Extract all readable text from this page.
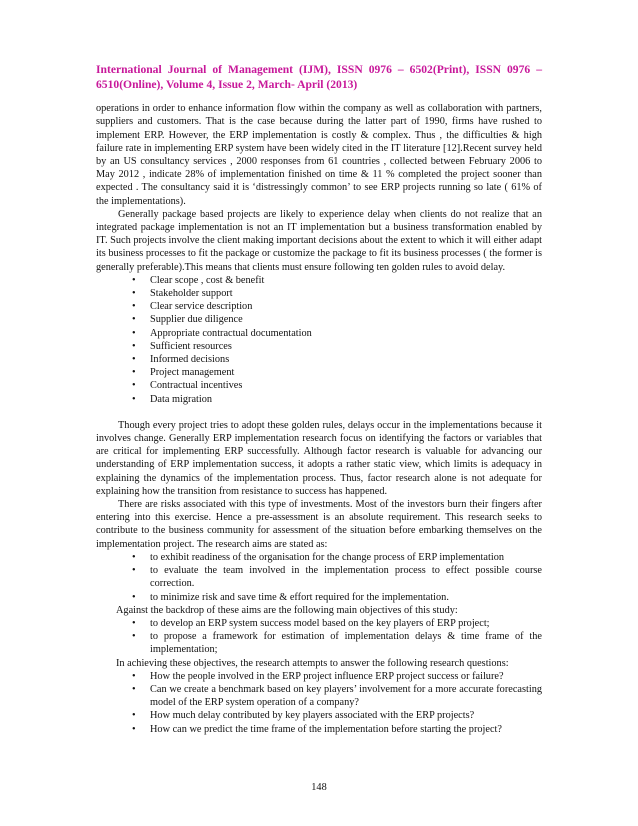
International Journal of Management (IJM), ISSN 0976 – 6502(Print), ISSN 0976 – 6510(Online), Volume 4, Issue 2, March- April (2013)

operations in order to enhance information flow within the company as well as collaboration with partners, suppliers and customers. That is the case because during the latter part of 1990, firms have rushed to implement ERP. However, the ERP implementation is costly & complex. Thus , the difficulties & high failure rate in implementing ERP system have been widely cited in the IT literature [12].Recent survey held by an US consultancy services , 2000 responses from 61 countries , collected between February 2006 to May 2012 , indicate 28% of implementation finished on time & 11 % completed the project sooner than expected . The consultancy said it is ‘distressingly common’ to see ERP projects running so late ( 61% of the implementations).

Generally package based projects are likely to experience delay when clients do not realize that an integrated package implementation is not an IT implementation but a business transformation enabled by IT. Such projects involve the client making important decisions about the extent to which it will either adapt its business processes to fit the package or customize the package to fit its business processes ( the former is generally preferable).This means that clients must ensure following ten golden rules to avoid delay.

• Clear scope , cost & benefit
• Stakeholder support
• Clear service description
• Supplier due diligence
• Appropriate contractual documentation
• Sufficient resources
• Informed decisions
• Project management
• Contractual incentives
• Data migration

Though every project tries to adopt these golden rules, delays occur in the implementations because it involves change. Generally ERP implementation research focus on identifying the factors or variables that are critical for implementing ERP successfully. Although factor research is valuable for advancing our understanding of ERP implementation success, it adopts a rather static view, which limits is adequacy in explaining the dynamics of the implementation process. Thus, factor research alone is not adequate for explaining how the transition from resistance to success has happened.

There are risks associated with this type of investments. Most of the investors burn their fingers after entering into this exercise. Hence a pre-assessment is an absolute requirement. This research seeks to contribute to the business community for assessment of the situation before embarking themselves on the implementation project. The research aims are stated as:

• to exhibit readiness of the organisation for the change process of ERP implementation
• to evaluate the team involved in the implementation process to effect possible course correction.
• to minimize risk and save time & effort required for the implementation.

Against the backdrop of these aims are the following main objectives of this study:

• to develop an ERP system success model based on the key players of ERP project;
• to propose a framework for estimation of implementation delays & time frame of the implementation;

In achieving these objectives, the research attempts to answer the following research questions:

• How the people involved in the ERP project influence ERP project success or failure?
• Can we create a benchmark based on key players’ involvement for a more accurate forecasting model of the ERP system operation of a company?
• How much delay contributed by key players associated with the ERP projects?
• How can we predict the time frame of the implementation before starting the project?
148
